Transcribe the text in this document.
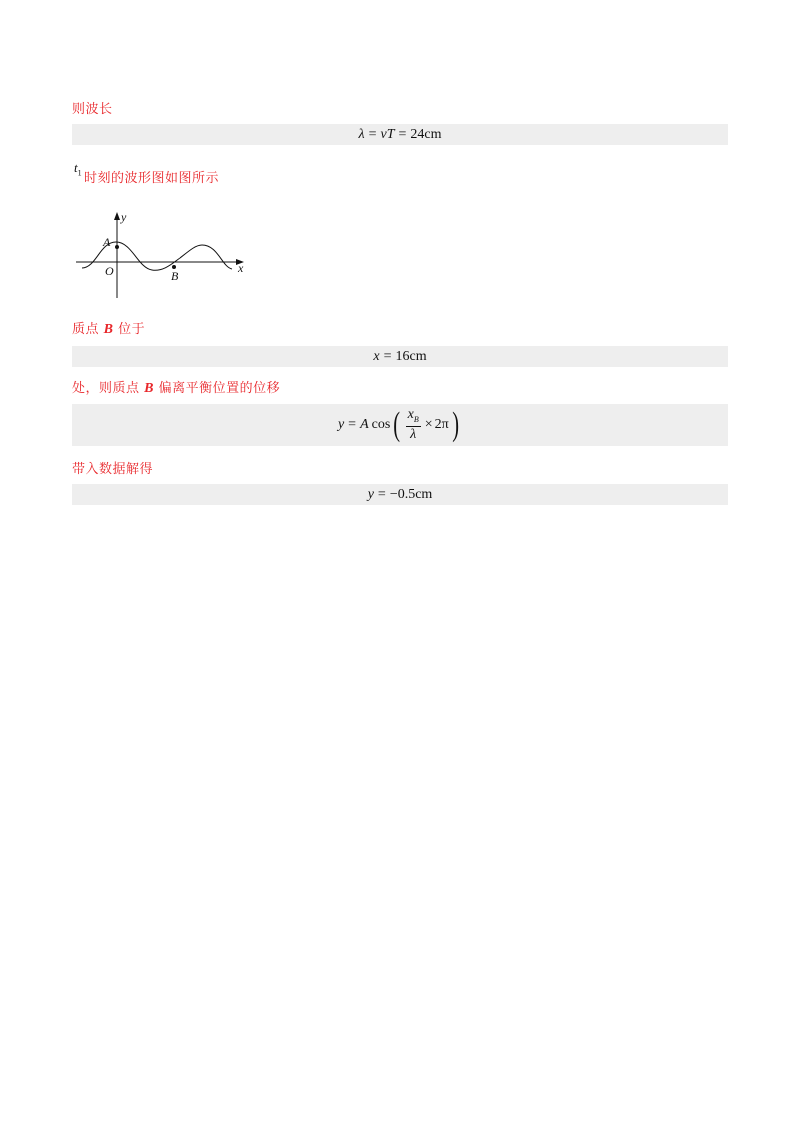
则波长
λ = vT = 24cm
$t_1$ 时刻的波形图如图所示
y
x
A
O	B
质点 B 位于
x = 16cm
处，则质点 B 偏离平衡位置的位移
y = A cos ( $\frac{x_B}{\lambda} \times 2\pi$ )
带入数据解得
y = −0.5cm
